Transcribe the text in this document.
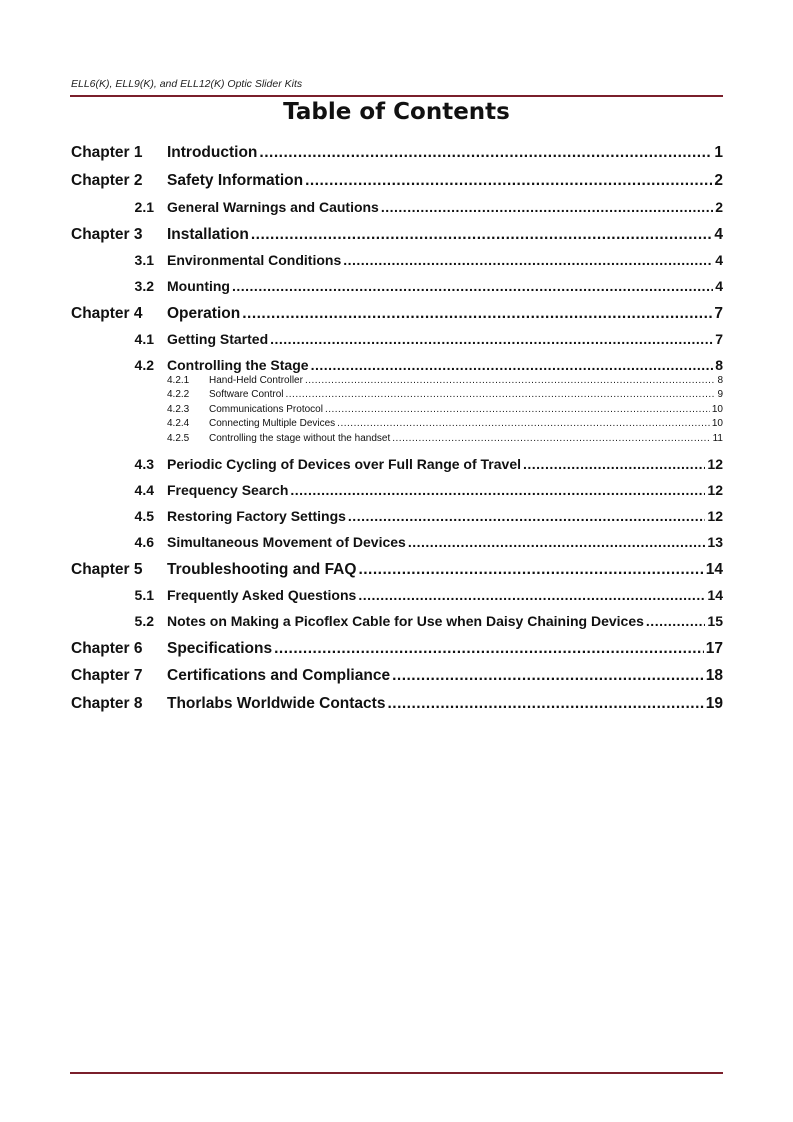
ELL6(K), ELL9(K), and ELL12(K) Optic Slider Kits
Table of Contents
Chapter 1	Introduction .....	1
Chapter 2	Safety Information .....	2
2.1 General Warnings and Cautions .....	2
Chapter 3	Installation .....	4
3.1 Environmental Conditions .....	4
3.2 Mounting .....	4
Chapter 4	Operation .....	7
4.1 Getting Started .....	7
4.2 Controlling the Stage .....	8
4.2.1	Hand-Held Controller .....	8
4.2.2	Software Control .....	9
4.2.3	Communications Protocol .....	10
4.2.4	Connecting Multiple Devices .....	10
4.2.5	Controlling the stage without the handset .....	11
4.3 Periodic Cycling of Devices over Full Range of Travel .....	12
4.4 Frequency Search .....	12
4.5 Restoring Factory Settings .....	12
4.6 Simultaneous Movement of Devices .....	13
Chapter 5	Troubleshooting and FAQ .....	14
5.1 Frequently Asked Questions .....	14
5.2 Notes on Making a Picoflex Cable for Use when Daisy Chaining Devices .....	15
Chapter 6	Specifications .....	17
Chapter 7	Certifications and Compliance .....	18
Chapter 8	Thorlabs Worldwide Contacts .....	19
